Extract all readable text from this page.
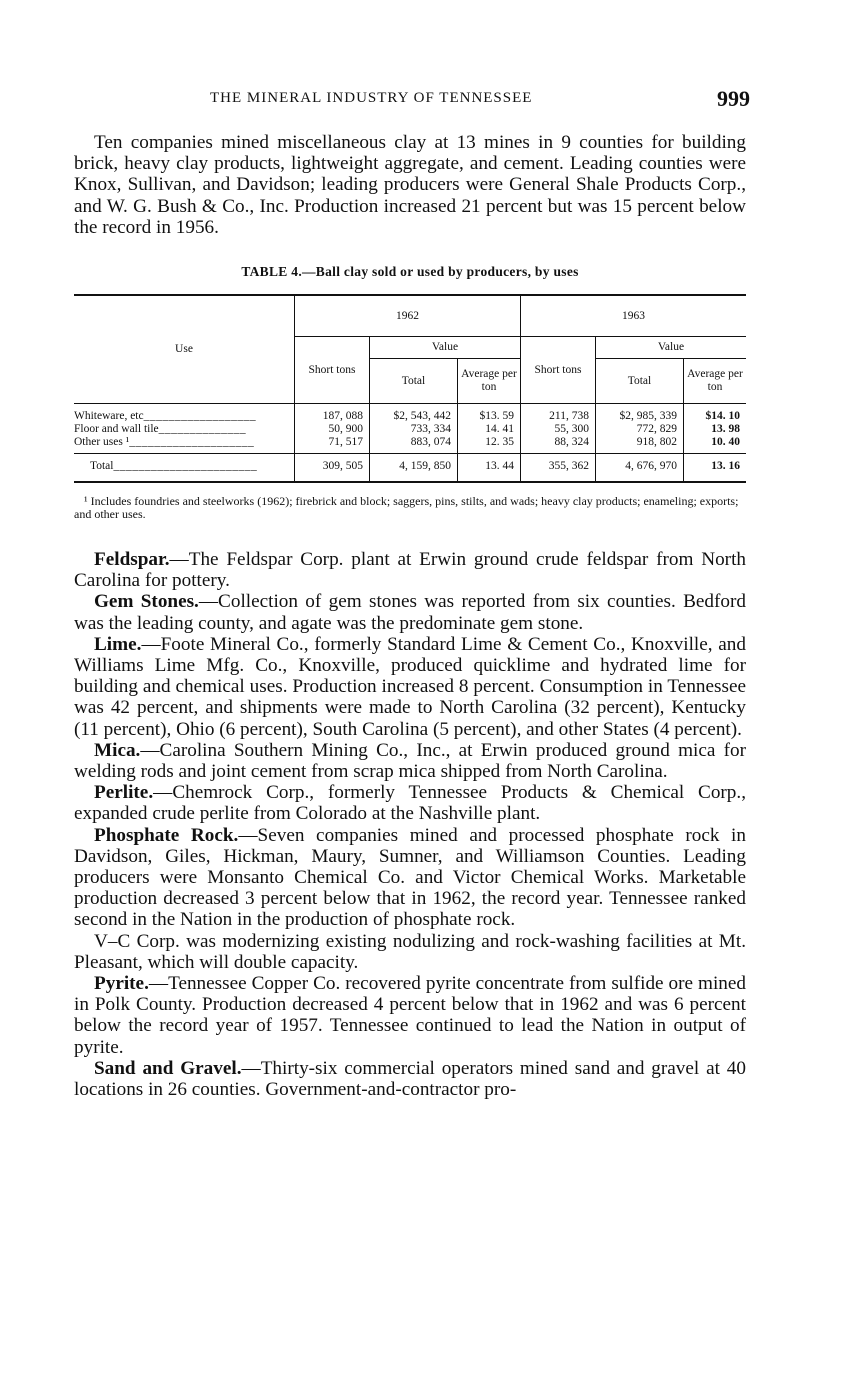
THE MINERAL INDUSTRY OF TENNESSEE	999

Ten companies mined miscellaneous clay at 13 mines in 9 counties for building brick, heavy clay products, lightweight aggregate, and cement. Leading counties were Knox, Sullivan, and Davidson; leading producers were General Shale Products Corp., and W. G. Bush & Co., Inc. Production increased 21 percent but was 15 percent below the record in 1956.

TABLE 4.—Ball clay sold or used by producers, by uses
Use	1962			1963		
	Short tons	Value		Short tons	Value	
		Total	Average per ton		Total	Average per ton
Whiteware, etc__________________	187, 088	$2, 543, 442	$13. 59	211, 738	$2, 985, 339	$14. 10
Floor and wall tile______________	50, 900	733, 334	14. 41	55, 300	772, 829	13. 98
Other uses ¹____________________	71, 517	883, 074	12. 35	88, 324	918, 802	10. 40
Total_______________________	309, 505	4, 159, 850	13. 44	355, 362	4, 676, 970	13. 16
¹ Includes foundries and steelworks (1962); firebrick and block; saggers, pins, stilts, and wads; heavy clay products; enameling; exports; and other uses.

Feldspar.—The Feldspar Corp. plant at Erwin ground crude feldspar from North Carolina for pottery.

Gem Stones.—Collection of gem stones was reported from six counties. Bedford was the leading county, and agate was the predominate gem stone.

Lime.—Foote Mineral Co., formerly Standard Lime & Cement Co., Knoxville, and Williams Lime Mfg. Co., Knoxville, produced quicklime and hydrated lime for building and chemical uses. Production increased 8 percent. Consumption in Tennessee was 42 percent, and shipments were made to North Carolina (32 percent), Kentucky (11 percent), Ohio (6 percent), South Carolina (5 percent), and other States (4 percent).

Mica.—Carolina Southern Mining Co., Inc., at Erwin produced ground mica for welding rods and joint cement from scrap mica shipped from North Carolina.

Perlite.—Chemrock Corp., formerly Tennessee Products & Chemical Corp., expanded crude perlite from Colorado at the Nashville plant.

Phosphate Rock.—Seven companies mined and processed phosphate rock in Davidson, Giles, Hickman, Maury, Sumner, and Williamson Counties. Leading producers were Monsanto Chemical Co. and Victor Chemical Works. Marketable production decreased 3 percent below that in 1962, the record year. Tennessee ranked second in the Nation in the production of phosphate rock.

V–C Corp. was modernizing existing nodulizing and rock-washing facilities at Mt. Pleasant, which will double capacity.

Pyrite.—Tennessee Copper Co. recovered pyrite concentrate from sulfide ore mined in Polk County. Production decreased 4 percent below that in 1962 and was 6 percent below the record year of 1957. Tennessee continued to lead the Nation in output of pyrite.

Sand and Gravel.—Thirty-six commercial operators mined sand and gravel at 40 locations in 26 counties. Government-and-contractor pro-
